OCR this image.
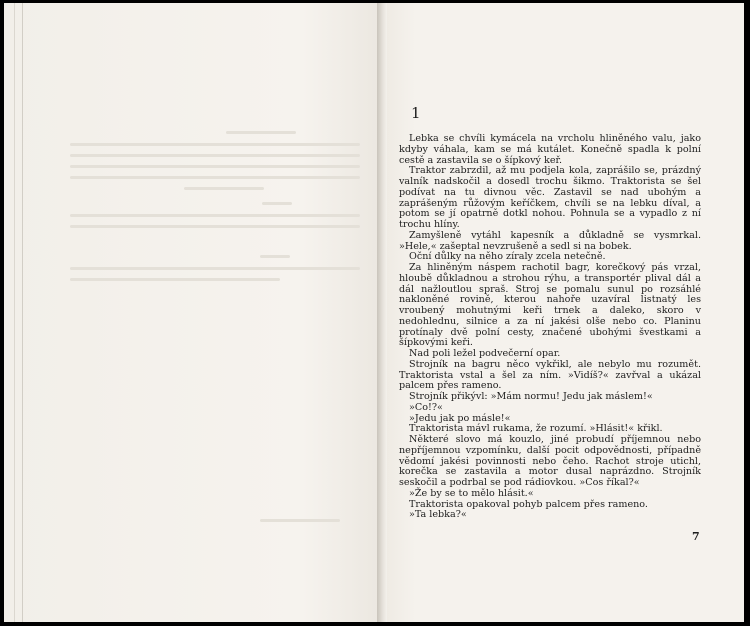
1

Lebka se chvíli kymácela na vrcholu hliněného valu, jako kdyby váhala, kam se má kutálet. Konečně spadla k polní cestě a zastavila se o šípkový keř.

Traktor zabrzdil, až mu podjela kola, zaprášilo se, prázdný valník nadskočil a dosedl trochu šikmo. Traktorista se šel podívat na tu divnou věc. Zastavil se nad ubohým a zaprášeným růžovým keříčkem, chvíli se na lebku díval, a potom se jí opatrně dotkl nohou. Pohnula se a vypadlo z ní trochu hlíny.

Zamyšleně vytáhl kapesník a důkladně se vysmrkal. »Hele,« zašeptal nevzrušeně a sedl si na bobek.

Oční důlky na něho zíraly zcela netečně.

Za hliněným náspem rachotil bagr, korečkový pás vrzal, hloubě důkladnou a strohou rýhu, a transportér plival dál a dál nažloutlou spraš. Stroj se pomalu sunul po rozsáhlé nakloněné rovině, kterou nahoře uzavíral listnatý les vroubený mohutnými keři trnek a daleko, skoro v nedohlednu, silnice a za ní jakési olše nebo co. Planinu protínaly dvě polní cesty, značené ubohými švestkami a šípkovými keři.

Nad poli ležel podvečerní opar.

Strojník na bagru něco vykřikl, ale nebylo mu rozumět. Traktorista vstal a šel za ním. »Vidíš?« zavřval a ukázal palcem přes rameno.

Strojník přikývl: »Mám normu! Jedu jak máslem!«

»Co!?«

»Jedu jak po másle!«

Traktorista mávl rukama, že rozumí. »Hlásit!« křikl.

Některé slovo má kouzlo, jiné probudí příjemnou nebo nepříjemnou vzpomínku, další pocit odpovědnosti, případně vědomí jakési povinnosti nebo čeho. Rachot stroje utichl, korečka se zastavila a motor dusal naprázdno. Strojník seskočil a podrbal se pod rádiovkou. »Cos říkal?«

»Že by se to mělo hlásit.«

Traktorista opakoval pohyb palcem přes rameno.

»Ta lebka?«

7
